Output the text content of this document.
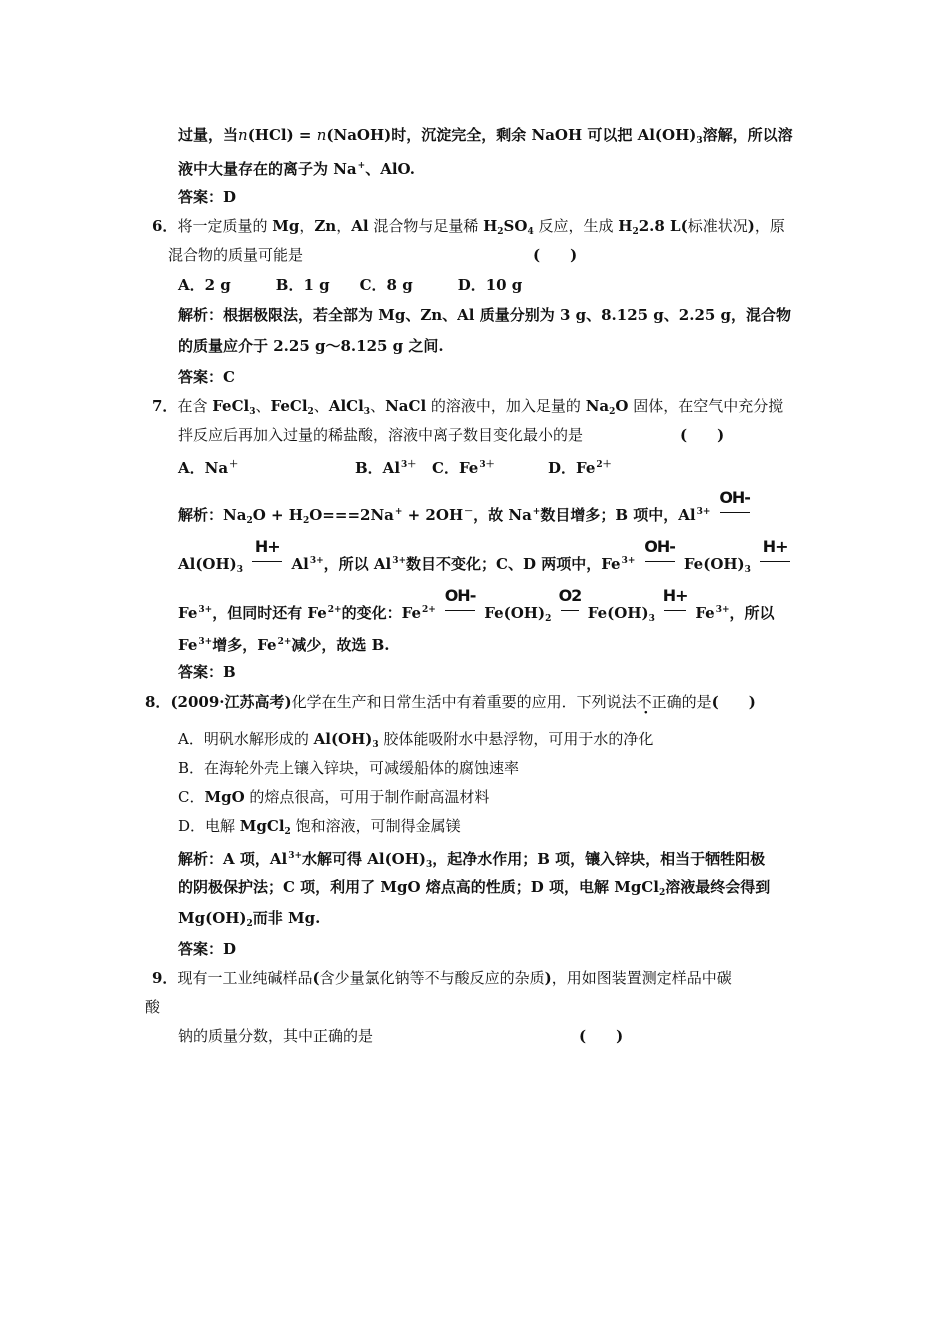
过量，当n(HCl) = n(NaOH)时，沉淀完全，剩余 NaOH 可以把 $Al(OH)_3$溶解，所以溶
液中大量存在的离子为 Na+、AlO.
答案：D
6．将一定质量的 Mg，Zn，Al 混合物与足量稀 $H_2SO_4$ 反应，生成 $H_22.8$ L(标准状况)，原
混合物的质量可能是	(　　)
A．2 g　　　B．1 g　　C．8 g　　　D．10 g
解析：根据极限法，若全部为 Mg、Zn、Al 质量分别为 3 g、8.125 g、2.25 g，混合物
的质量应介于 2.25 g～8.125 g 之间.
答案：C
7．在含 FeCl$_3$、FeCl$_2$、AlCl$_3$、NaCl 的溶液中，加入足量的 $Na_2O$ 固体，在空气中充分搅
拌反应后再加入过量的稀盐酸，溶液中离子数目变化最小的是	(　　)
A．Na＋	B．$Al^{3+}$ C．$Fe^{3+}$	D．$Fe^{2+}$
解析：$Na_2O + H_2O===2Na^+ + 2OH^-$，故 Na+数目增多；B 项中，$Al^{3+}$
OH-
$Al(OH)_3$
H+
$Al^{3+}$，所以 $Al^{3+}$数目不变化；C、D 两项中，$Fe^{3+}$
OH-
$Fe(OH)_3$
H+
$Fe^{3+}$，但同时还有 $Fe^{2+}$的变化：$Fe^{2+}$
OH-
$Fe(OH)_2$
O2
$Fe(OH)_3$
H+
$Fe^{3+}$，所以
$Fe^{3+}$增多，$Fe^{2+}$减少，故选 B.
答案：B
8．(2009·江苏高考)化学在生产和日常生活中有着重要的应用．下列说法不正确的是(　　)
A．明矾水解形成的 $Al(OH)_3$ 胶体能吸附水中悬浮物，可用于水的净化
B．在海轮外壳上镶入锌块，可减缓船体的腐蚀速率
C．MgO 的熔点很高，可用于制作耐高温材料
D．电解 MgCl$_2$ 饱和溶液，可制得金属镁
解析：A 项，$Al^{3+}$水解可得 $Al(OH)_3$，起净水作用；B 项，镶入锌块，相当于牺牲阳极
的阴极保护法；C 项，利用了 MgO 熔点高的性质；D 项，电解 MgCl$_2$溶液最终会得到
$Mg(OH)_2$而非 Mg.
答案：D
9．现有一工业纯碱样品(含少量氯化钠等不与酸反应的杂质)，用如图装置测定样品中碳
酸
钠的质量分数，其中正确的是	(　　)
